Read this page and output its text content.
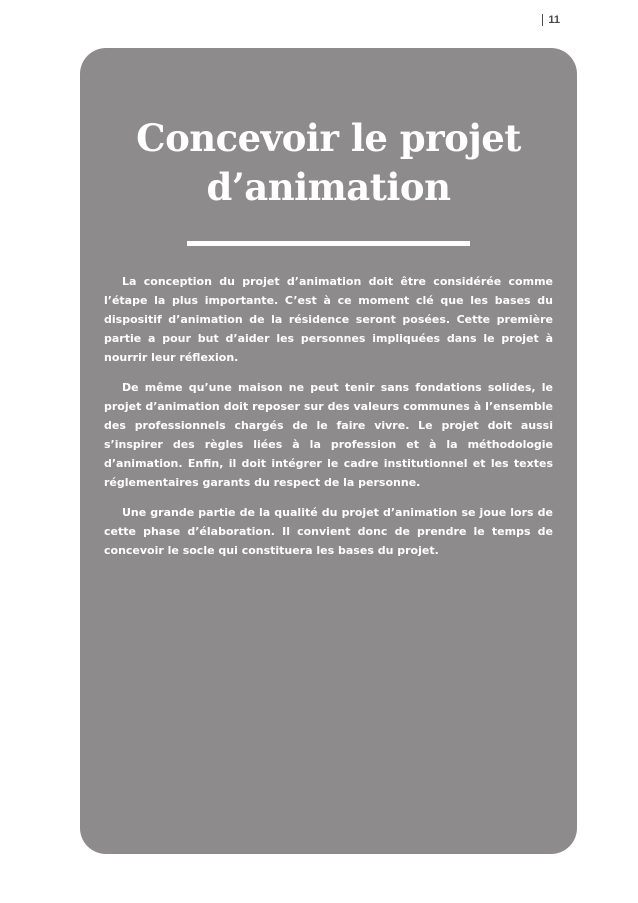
11
Concevoir le projet
d’animation

La conception du projet d’animation doit être considérée comme l’étape la plus importante. C’est à ce moment clé que les bases du dispositif d’animation de la résidence seront posées. Cette première partie a pour but d’aider les personnes impliquées dans le projet à nourrir leur réflexion.

De même qu’une maison ne peut tenir sans fondations solides, le projet d’animation doit reposer sur des valeurs communes à l’ensemble des professionnels chargés de le faire vivre. Le projet doit aussi s’inspirer des règles liées à la profession et à la méthodologie d’animation. Enfin, il doit intégrer le cadre institutionnel et les textes réglementaires garants du respect de la personne.

Une grande partie de la qualité du projet d’animation se joue lors de cette phase d’élaboration. Il convient donc de prendre le temps de concevoir le socle qui constituera les bases du projet.
